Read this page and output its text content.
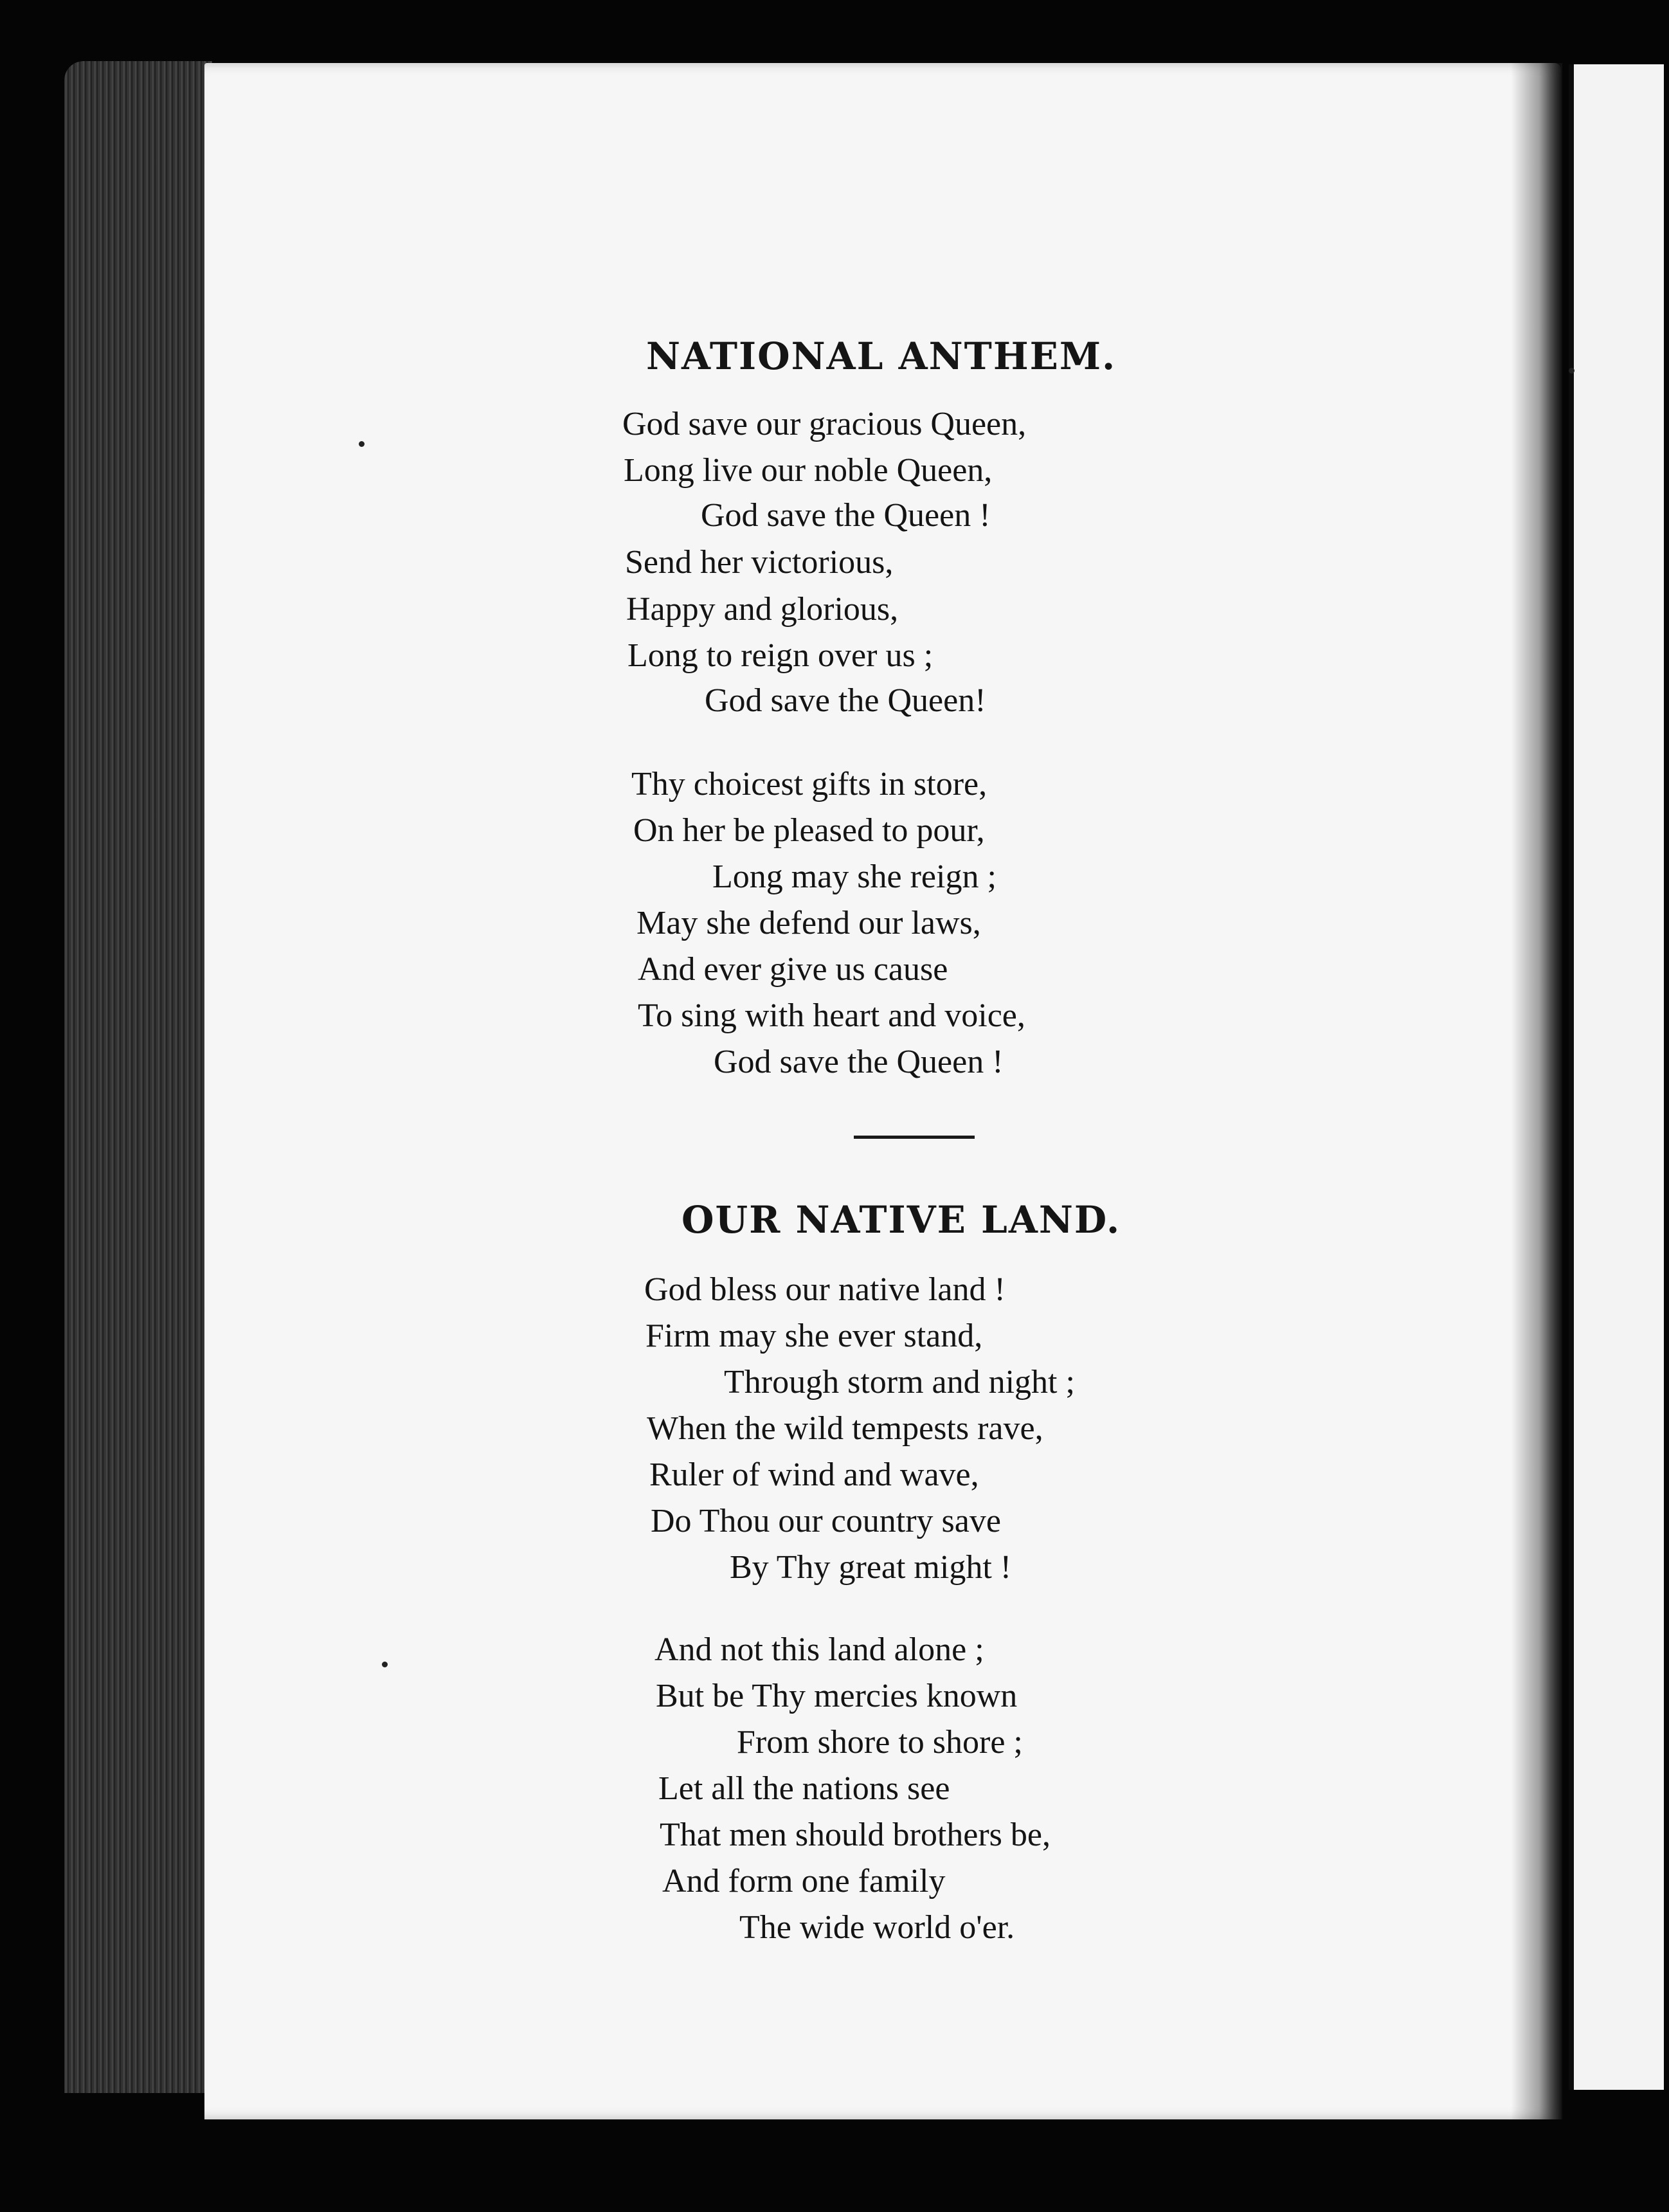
NATIONAL ANTHEM.
God save our gracious Queen,
Long live our noble Queen,
God save the Queen !
Send her victorious,
Happy and glorious,
Long to reign over us ;
God save the Queen!
Thy choicest gifts in store,
On her be pleased to pour,
Long may she reign ;
May she defend our laws,
And ever give us cause
To sing with heart and voice,
God save the Queen !
OUR NATIVE LAND.
God bless our native land !
Firm may she ever stand,
Through storm and night ;
When the wild tempests rave,
Ruler of wind and wave,
Do Thou our country save
By Thy great might !
And not this land alone ;
But be Thy mercies known
From shore to shore ;
Let all the nations see
That men should brothers be,
And form one family
The wide world o'er.
